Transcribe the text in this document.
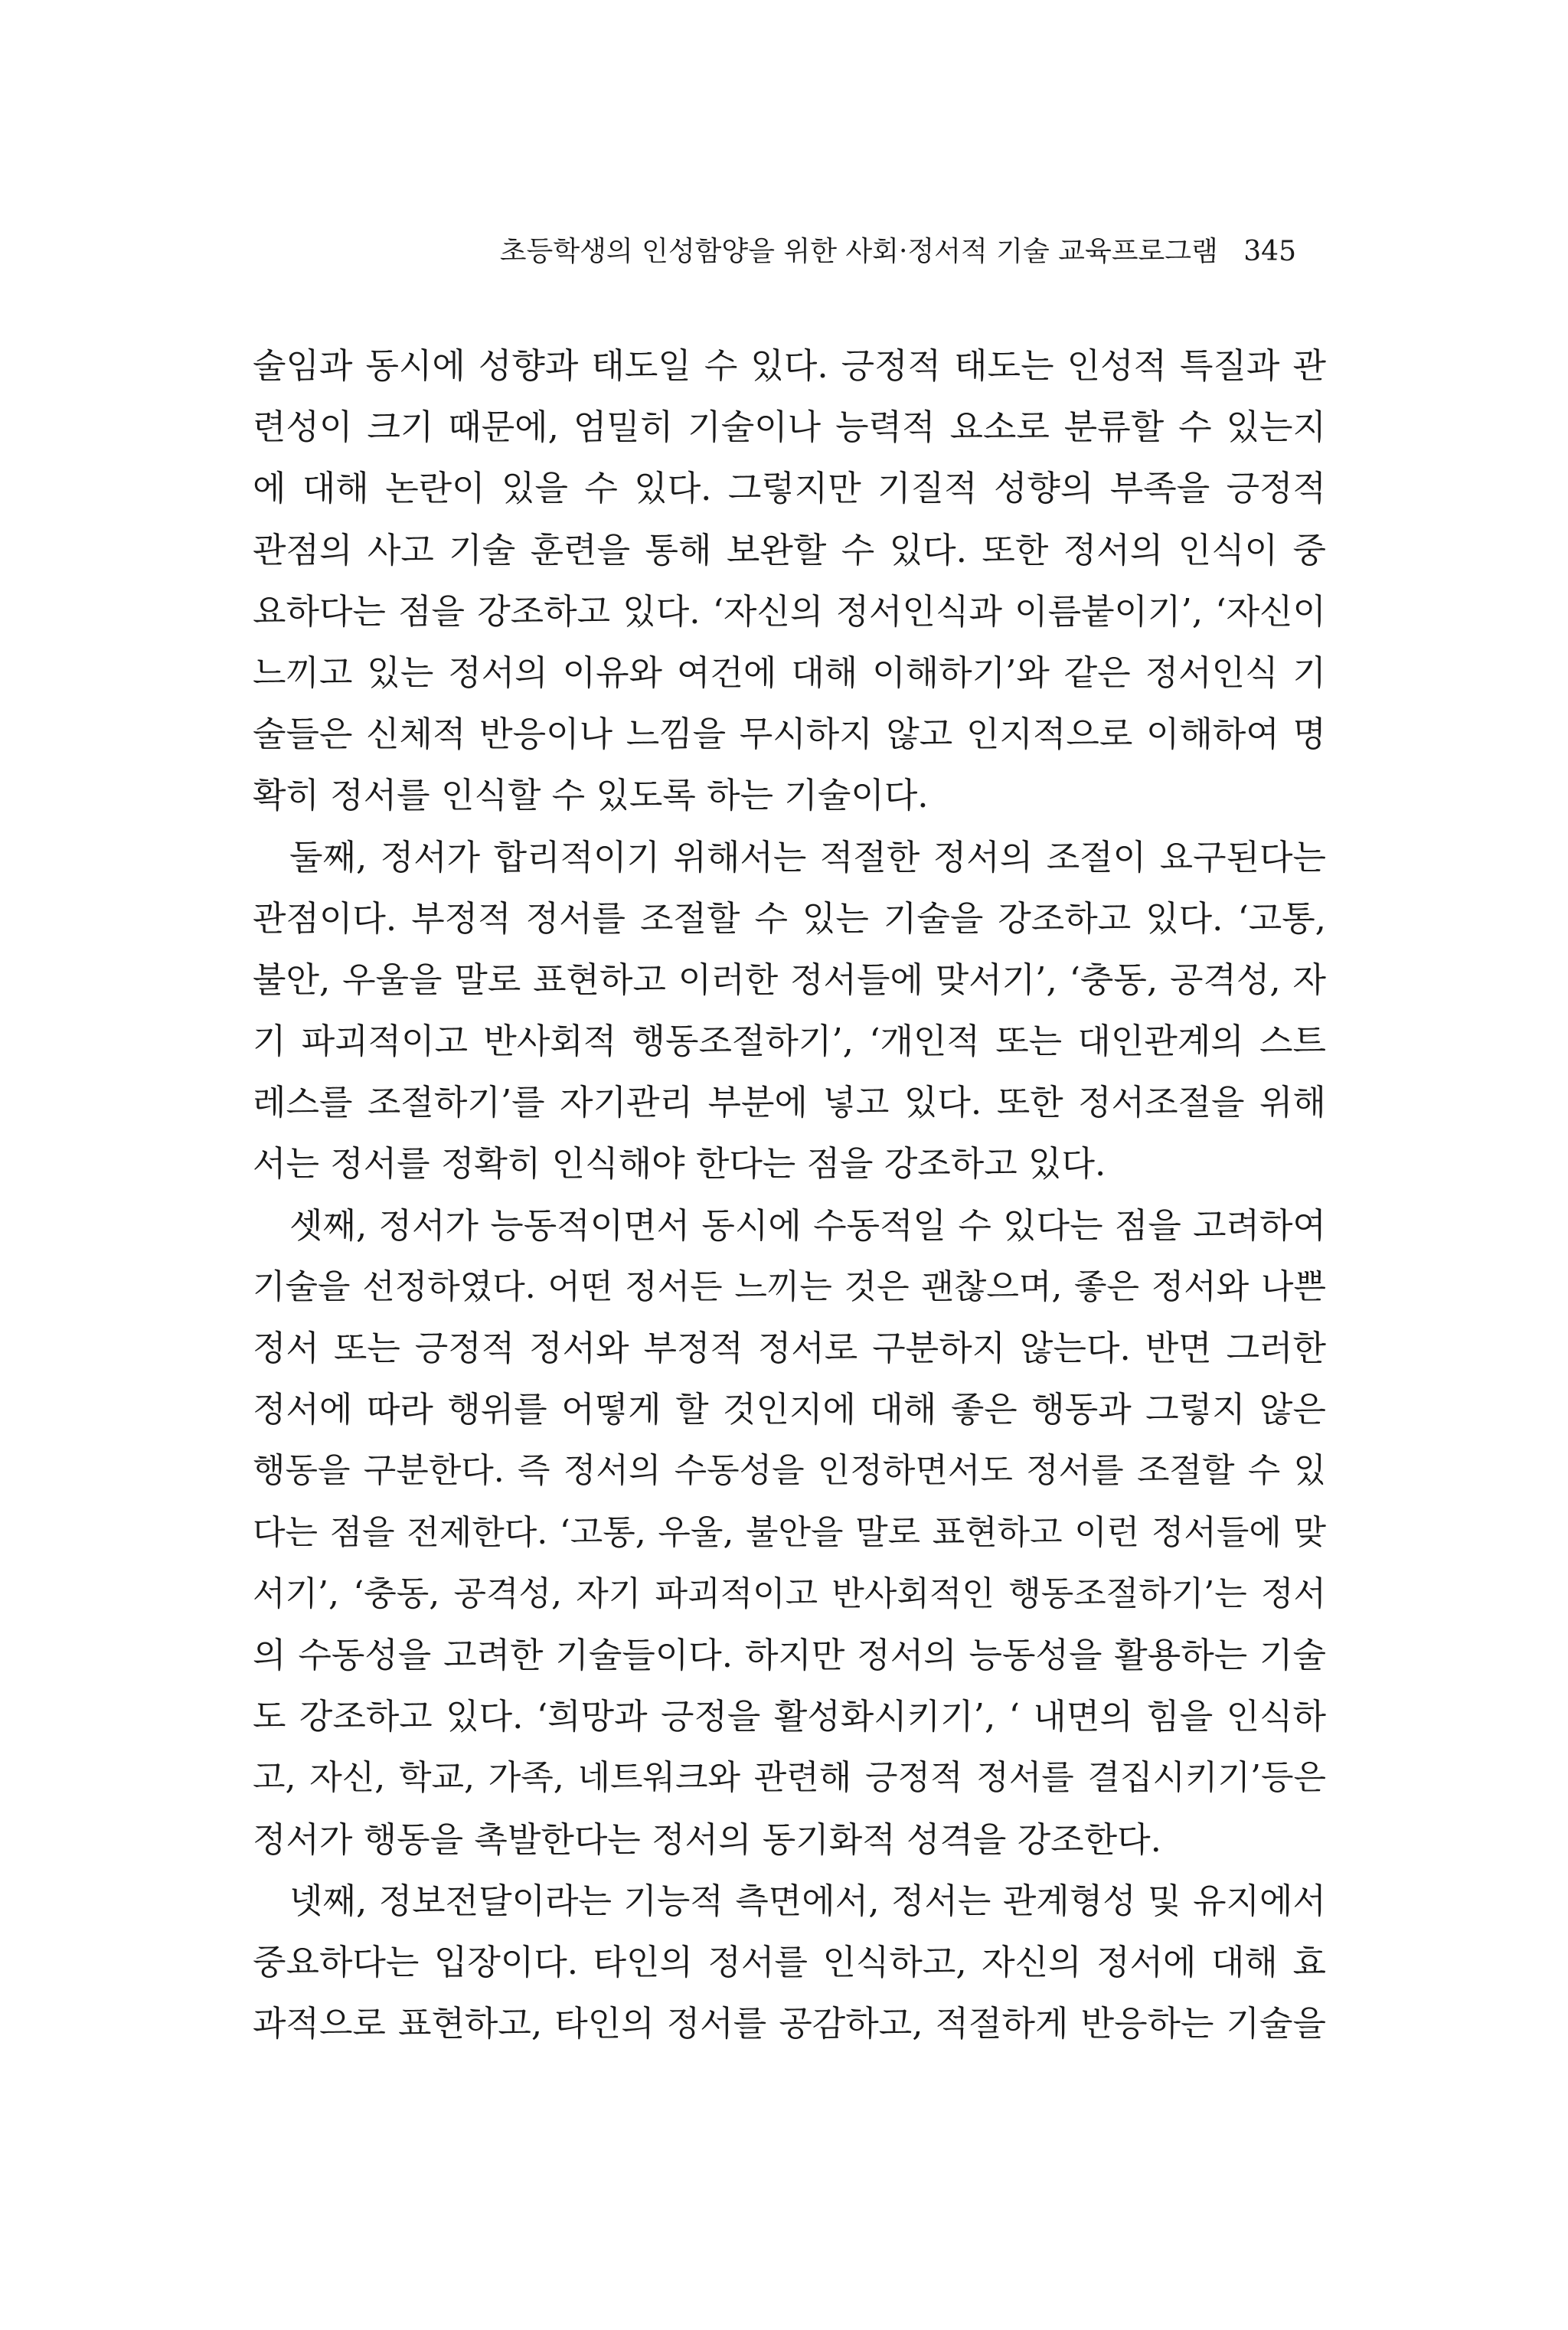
초등학생의 인성함양을 위한 사회·정서적 기술 교육프로그램 345
술임과 동시에 성향과 태도일 수 있다. 긍정적 태도는 인성적 특질과 관
련성이 크기 때문에, 엄밀히 기술이나 능력적 요소로 분류할 수 있는지
에 대해 논란이 있을 수 있다. 그렇지만 기질적 성향의 부족을 긍정적
관점의 사고 기술 훈련을 통해 보완할 수 있다. 또한 정서의 인식이 중
요하다는 점을 강조하고 있다. ‘자신의 정서인식과 이름붙이기’, ‘자신이
느끼고 있는 정서의 이유와 여건에 대해 이해하기’와 같은 정서인식 기
술들은 신체적 반응이나 느낌을 무시하지 않고 인지적으로 이해하여 명
확히 정서를 인식할 수 있도록 하는 기술이다.
둘째, 정서가 합리적이기 위해서는 적절한 정서의 조절이 요구된다는
관점이다. 부정적 정서를 조절할 수 있는 기술을 강조하고 있다. ‘고통,
불안, 우울을 말로 표현하고 이러한 정서들에 맞서기’, ‘충동, 공격성, 자
기 파괴적이고 반사회적 행동조절하기’, ‘개인적 또는 대인관계의 스트
레스를 조절하기’를 자기관리 부분에 넣고 있다. 또한 정서조절을 위해
서는 정서를 정확히 인식해야 한다는 점을 강조하고 있다.
셋째, 정서가 능동적이면서 동시에 수동적일 수 있다는 점을 고려하여
기술을 선정하였다. 어떤 정서든 느끼는 것은 괜찮으며, 좋은 정서와 나쁜
정서 또는 긍정적 정서와 부정적 정서로 구분하지 않는다. 반면 그러한
정서에 따라 행위를 어떻게 할 것인지에 대해 좋은 행동과 그렇지 않은
행동을 구분한다. 즉 정서의 수동성을 인정하면서도 정서를 조절할 수 있
다는 점을 전제한다. ‘고통, 우울, 불안을 말로 표현하고 이런 정서들에 맞
서기’, ‘충동, 공격성, 자기 파괴적이고 반사회적인 행동조절하기’는 정서
의 수동성을 고려한 기술들이다. 하지만 정서의 능동성을 활용하는 기술
도 강조하고 있다. ‘희망과 긍정을 활성화시키기’, ‘ 내면의 힘을 인식하
고, 자신, 학교, 가족, 네트워크와 관련해 긍정적 정서를 결집시키기’등은
정서가 행동을 촉발한다는 정서의 동기화적 성격을 강조한다.
넷째, 정보전달이라는 기능적 측면에서, 정서는 관계형성 및 유지에서
중요하다는 입장이다. 타인의 정서를 인식하고, 자신의 정서에 대해 효
과적으로 표현하고, 타인의 정서를 공감하고, 적절하게 반응하는 기술을
